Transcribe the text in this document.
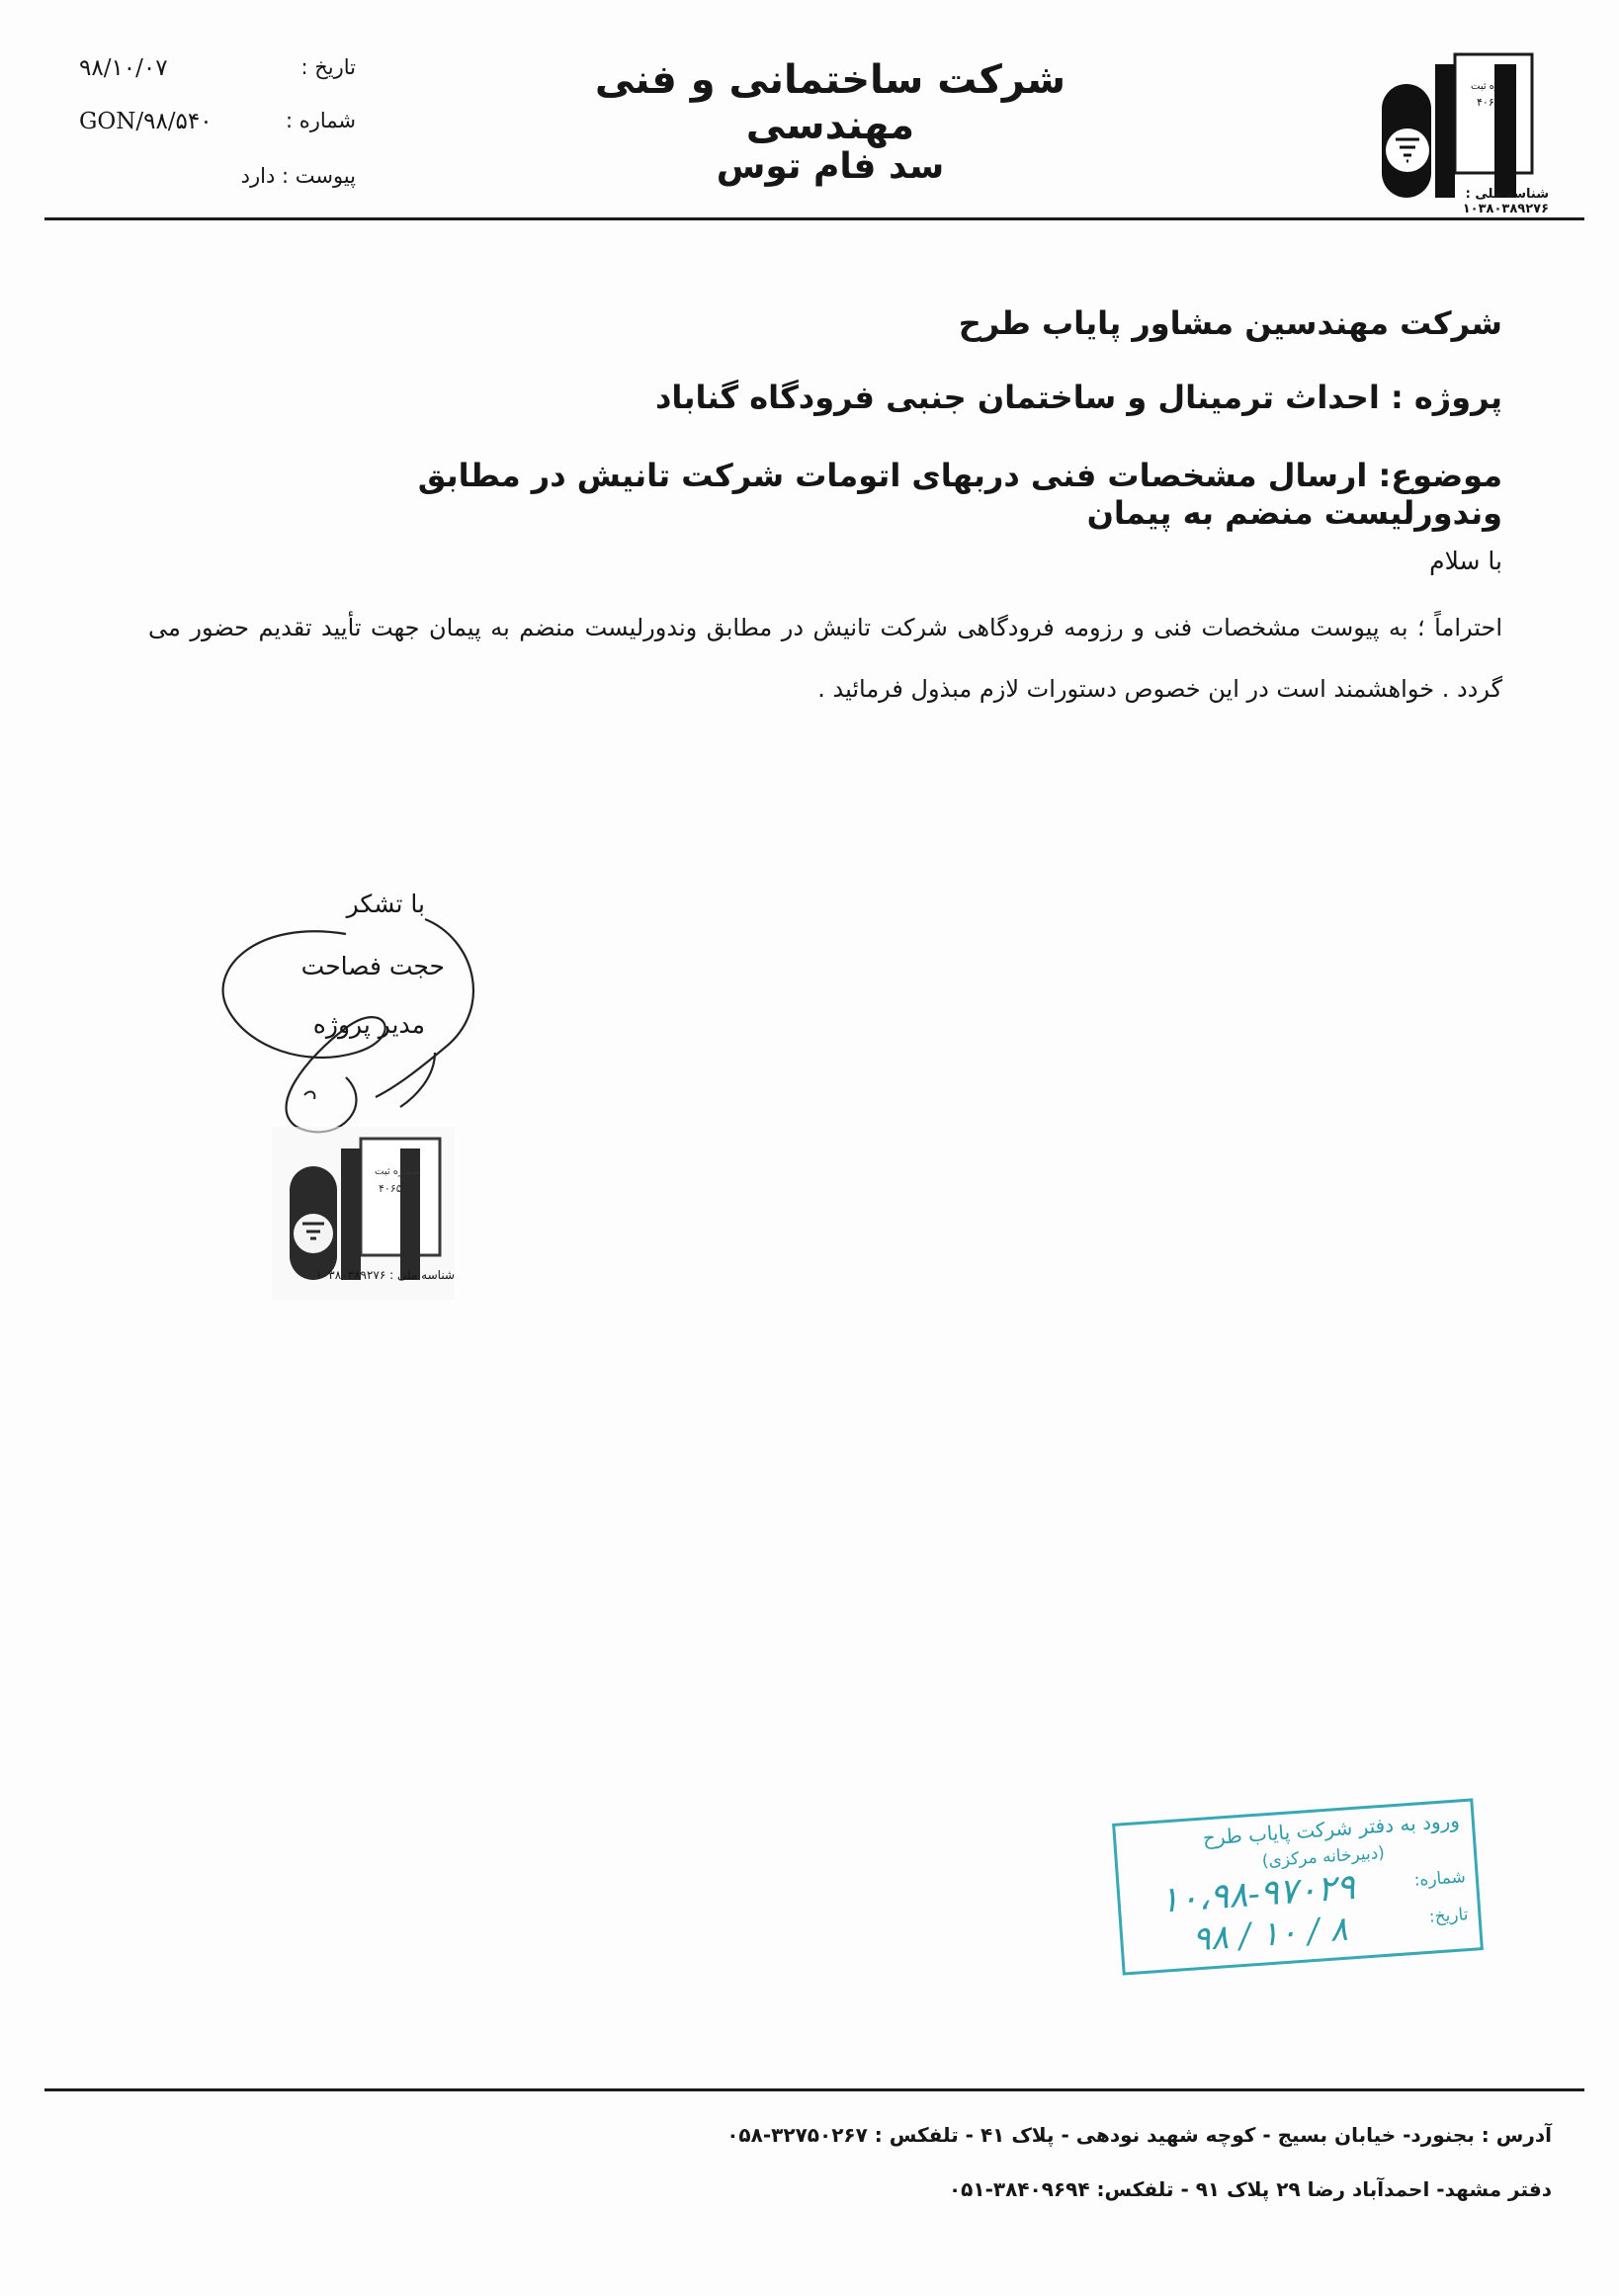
شماره ثبت
۴۰۶۵
شناسه ملی : ۱۰۳۸۰۳۸۹۲۷۶
شرکت ساختمانی و فنی مهندسی
سد فام توس
تاریخ :
۹۸/۱۰/۰۷
شماره :
GON/۹۸/۵۴۰
پیوست : دارد
شرکت مهندسین مشاور پایاب طرح
پروژه : احداث ترمینال و ساختمان جنبی فرودگاه گناباد
موضوع: ارسال مشخصات فنی دربهای اتومات شرکت تانیش در مطابق وندورلیست منضم به پیمان
با سلام
احتراماً ؛ به پیوست مشخصات فنی و رزومه فرودگاهی شرکت تانیش در مطابق وندورلیست منضم به پیمان جهت تأیید تقدیم حضور می گردد . خواهشمند است در این خصوص دستورات لازم مبذول فرمائید .
با تشکر
حجت فصاحت
مدیر پروژه
شماره ثبت
۴۰۶۵
شناسه ملی : ۱۰۳۸۰۳۸۹۲۷۶
ورود به دفتر شرکت پایاب طرح
(دبیرخانه مرکزی)
شماره:
۱۰،۹۸-۹۷۰۲۹	تاریخ:
۹۸ / ۱۰ / ۸
آدرس : بجنورد- خیابان بسیج - کوچه شهید نودهی - پلاک ۴۱ - تلفکس : ۳۲۷۵۰۲۶۷-۰۵۸
دفتر مشهد- احمدآباد رضا ۲۹ پلاک ۹۱ - تلفکس: ۳۸۴۰۹۶۹۴-۰۵۱
